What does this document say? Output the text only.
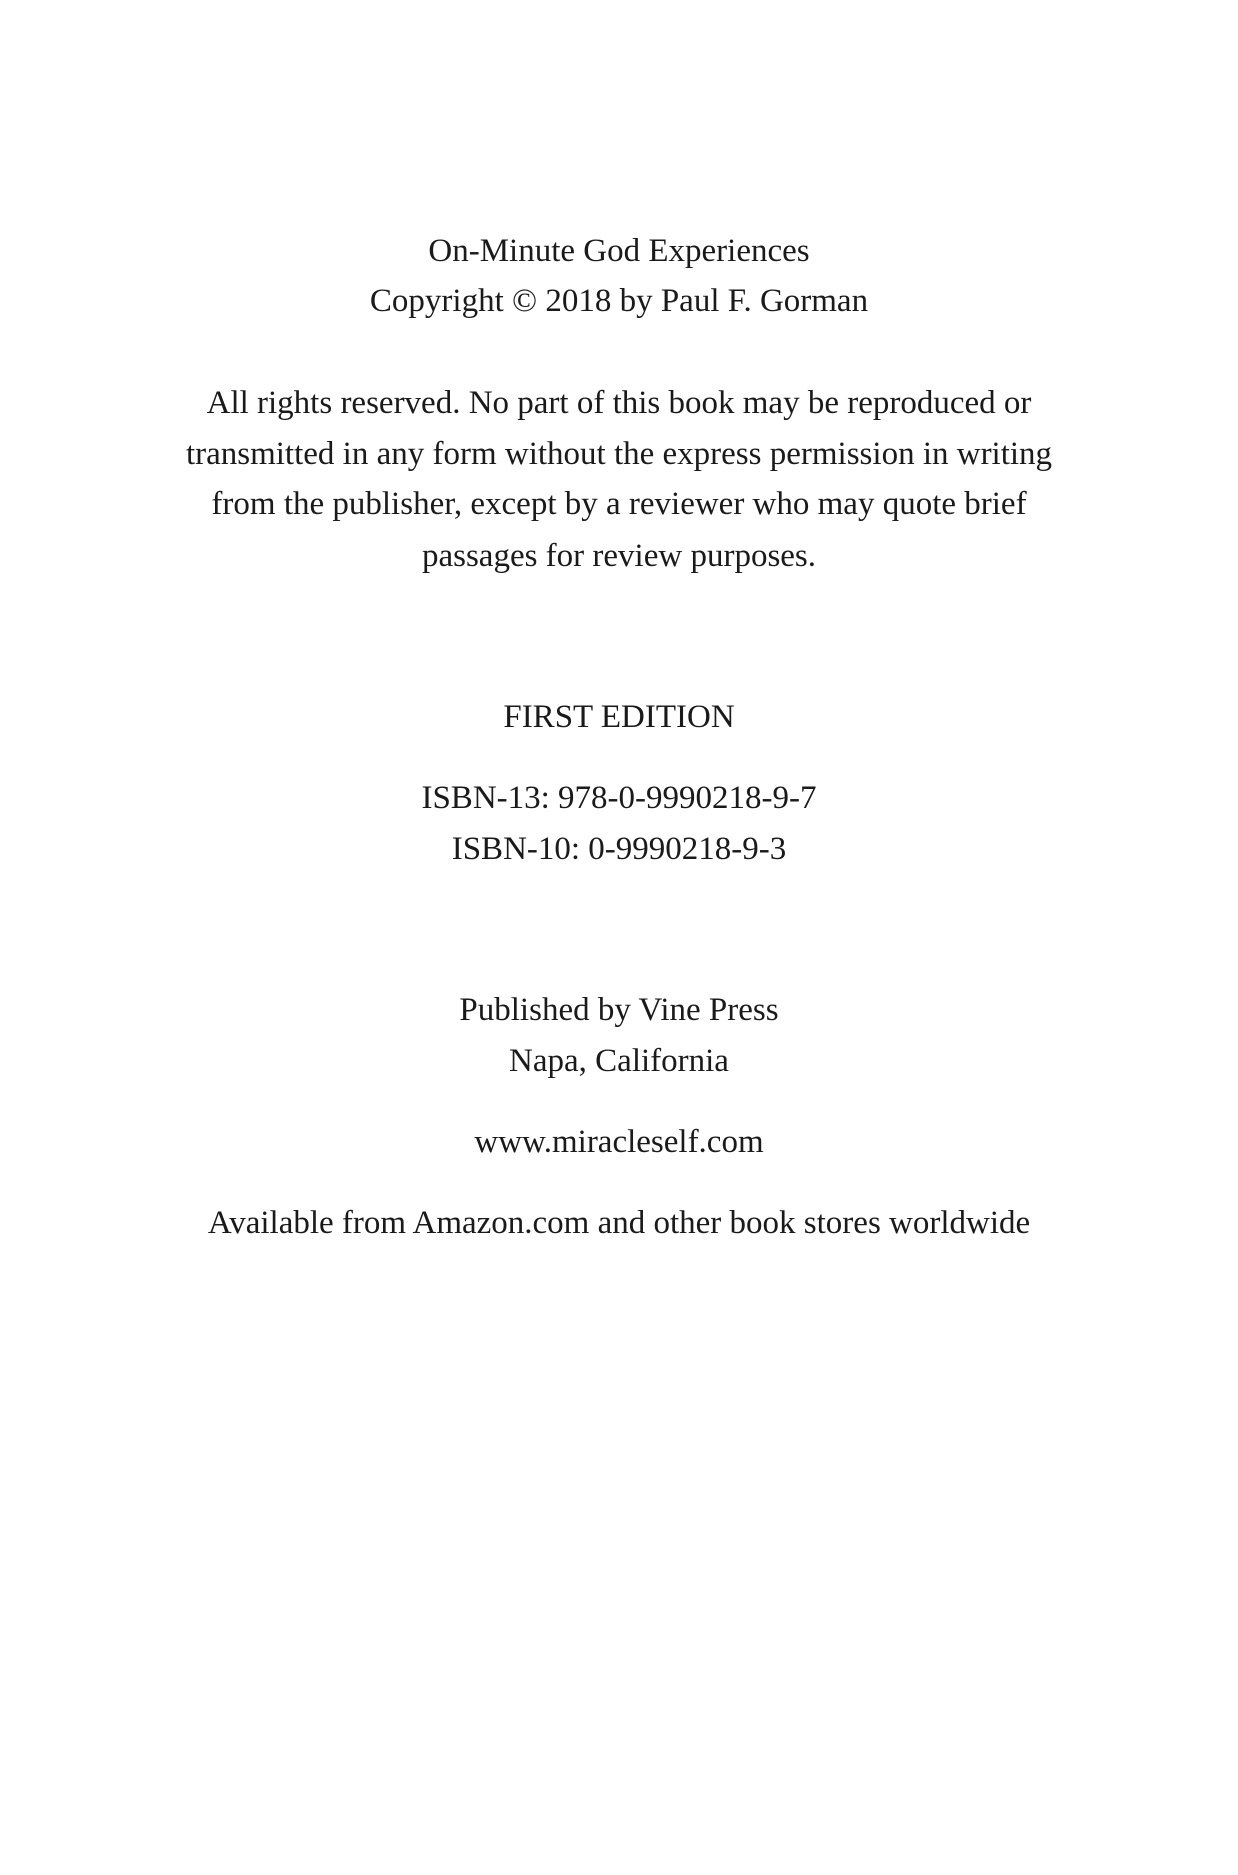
On-Minute God Experiences
Copyright © 2018 by Paul F. Gorman
All rights reserved. No part of this book may be reproduced or
transmitted in any form without the express permission in writing
from the publisher, except by a reviewer who may quote brief
passages for review purposes.
FIRST EDITION
ISBN-13: 978-0-9990218-9-7
ISBN-10: 0-9990218-9-3
Published by Vine Press
Napa, California
www.miracleself.com
Available from Amazon.com and other book stores worldwide
